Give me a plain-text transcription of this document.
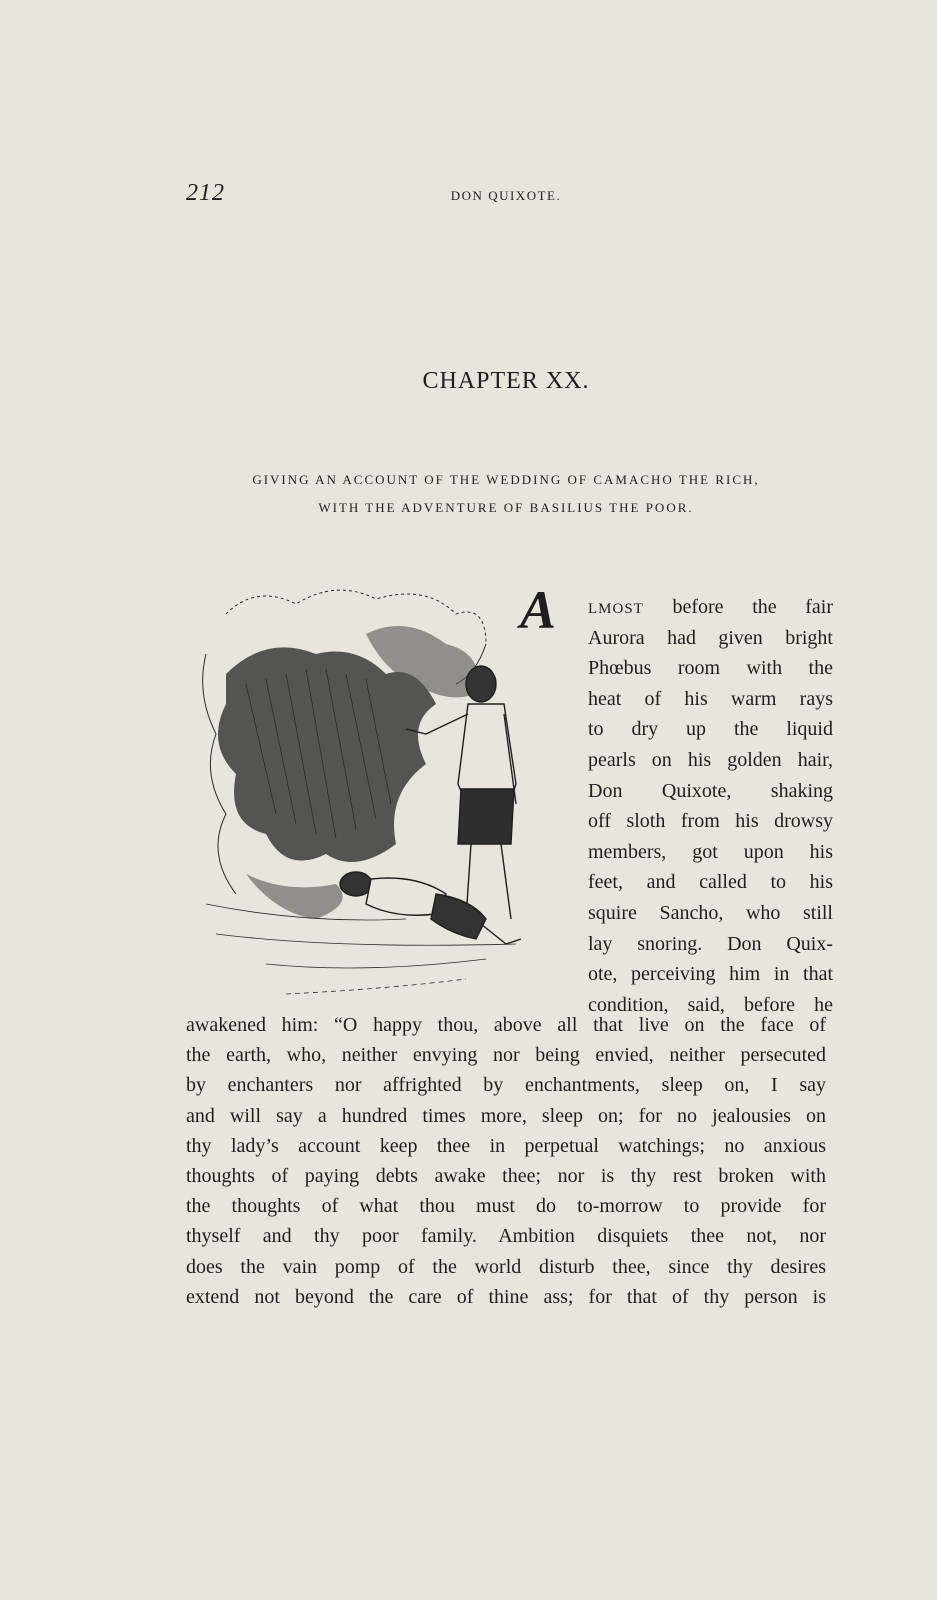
212	DON QUIXOTE.
CHAPTER XX.
GIVING AN ACCOUNT OF THE WEDDING OF CAMACHO THE RICH,
WITH THE ADVENTURE OF BASILIUS THE POOR.
A	LMOST before the fair
Aurora had given bright
Phœbus room with the
heat of his warm rays
to dry up the liquid
pearls on his golden hair,
Don Quixote, shaking
off sloth from his drowsy
members, got upon his
feet, and called to his
squire Sancho, who still
lay snoring. Don Quix-
ote, perceiving him in that
condition, said, before he
awakened him: “O happy thou, above all that live on the face of
the earth, who, neither envying nor being envied, neither persecuted
by enchanters nor affrighted by enchantments, sleep on, I say
and will say a hundred times more, sleep on; for no jealousies on
thy lady’s account keep thee in perpetual watchings; no anxious
thoughts of paying debts awake thee; nor is thy rest broken with
the thoughts of what thou must do to-morrow to provide for
thyself and thy poor family. Ambition disquiets thee not, nor
does the vain pomp of the world disturb thee, since thy desires
extend not beyond the care of thine ass; for that of thy person is
